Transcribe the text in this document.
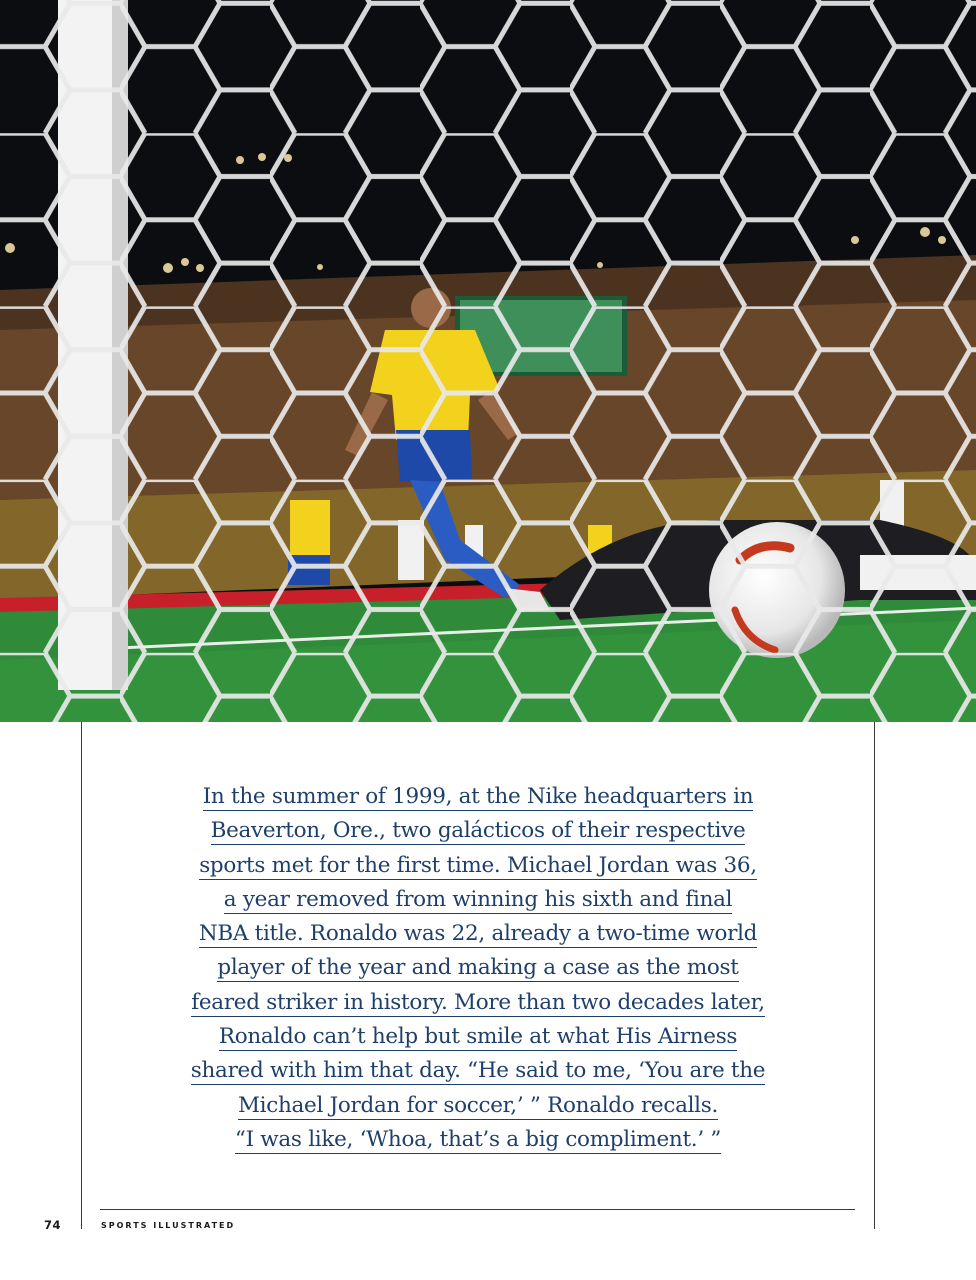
In the summer of 1999, at the Nike headquarters in
Beaverton, Ore., two galácticos of their respective
sports met for the first time. Michael Jordan was 36,
a year removed from winning his sixth and final
NBA title. Ronaldo was 22, already a two-time world
player of the year and making a case as the most
feared striker in history. More than two decades later,
Ronaldo can’t help but smile at what His Airness
shared with him that day. “He said to me, ‘You are the
Michael Jordan for soccer,’ ” Ronaldo recalls.
“I was like, ‘Whoa, that’s a big compliment.’ ”

74	SPORTS ILLUSTRATED
